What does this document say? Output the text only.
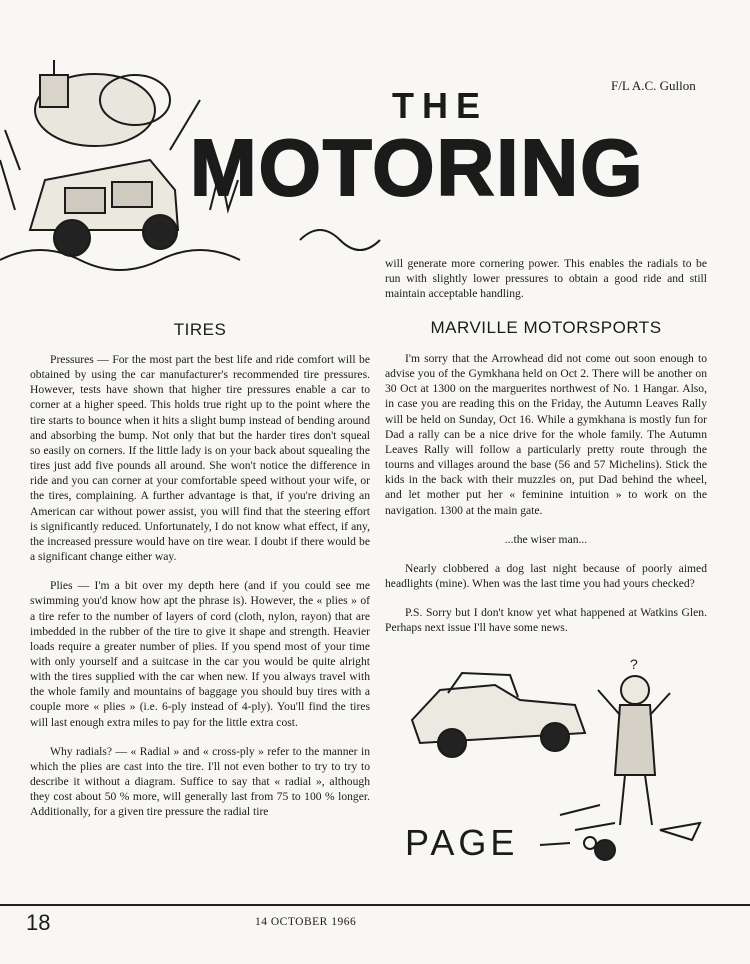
F/L A.C. Gullon
THE
MOTORING

will generate more cornering power. This enables the radials to be run with slightly lower pressures to obtain a good ride and still maintain acceptable handling.

TIRES

Pressures — For the most part the best life and ride comfort will be obtained by using the car manufacturer's recommended tire pressures. However, tests have shown that higher tire pressures enable a car to corner at a higher speed. This holds true right up to the point where the tire starts to bounce when it hits a slight bump instead of bending around and absorbing the bump. Not only that but the harder tires don't squeal so easily on corners. If the little lady is on your back about squealing the tires just add five pounds all around. She won't notice the difference in ride and you can corner at your comfortable speed without your wife, or the tires, complaining. A further advantage is that, if you're driving an American car without power assist, you will find that the steering effort is significantly reduced. Unfortunately, I do not know what effect, if any, the increased pressure would have on tire wear. I doubt if there would be a significant change either way.

Plies — I'm a bit over my depth here (and if you could see me swimming you'd know how apt the phrase is). However, the « plies » of a tire refer to the number of layers of cord (cloth, nylon, rayon) that are imbedded in the rubber of the tire to give it shape and strength. Heavier loads require a greater number of plies. If you spend most of your time with only yourself and a suitcase in the car you would be quite alright with the tires supplied with the car when new. If you always travel with the whole family and mountains of baggage you should buy tires with a couple more « plies » (i.e. 6-ply instead of 4-ply). You'll find the tires will last enough extra miles to pay for the little extra cost.

Why radials? — « Radial » and « cross-ply » refer to the manner in which the plies are cast into the tire. I'll not even bother to try to try to describe it without a diagram. Suffice to say that « radial », although they cost about 50 % more, will generally last from 75 to 100 % longer. Additionally, for a given tire pressure the radial tire

MARVILLE MOTORSPORTS

I'm sorry that the Arrowhead did not come out soon enough to advise you of the Gymkhana held on Oct 2. There will be another on 30 Oct at 1300 on the marguerites northwest of No. 1 Hangar. Also, in case you are reading this on the Friday, the Autumn Leaves Rally will be held on Sunday, Oct 16. While a gymkhana is mostly fun for Dad a rally can be a nice drive for the whole family. The Autumn Leaves Rally will follow a particularly pretty route through the tourns and villages around the base (56 and 57 Michelins). Stick the kids in the back with their muzzles on, put Dad behind the wheel, and let mother put her « feminine intuition » to work on the navigation. 1300 at the main gate.

...the wiser man...

Nearly clobbered a dog last night because of poorly aimed headlights (mine). When was the last time you had yours checked?

P.S. Sorry but I don't know yet what happened at Watkins Glen. Perhaps next issue I'll have some news.

?
PAGE
18	14 OCTOBER 1966
